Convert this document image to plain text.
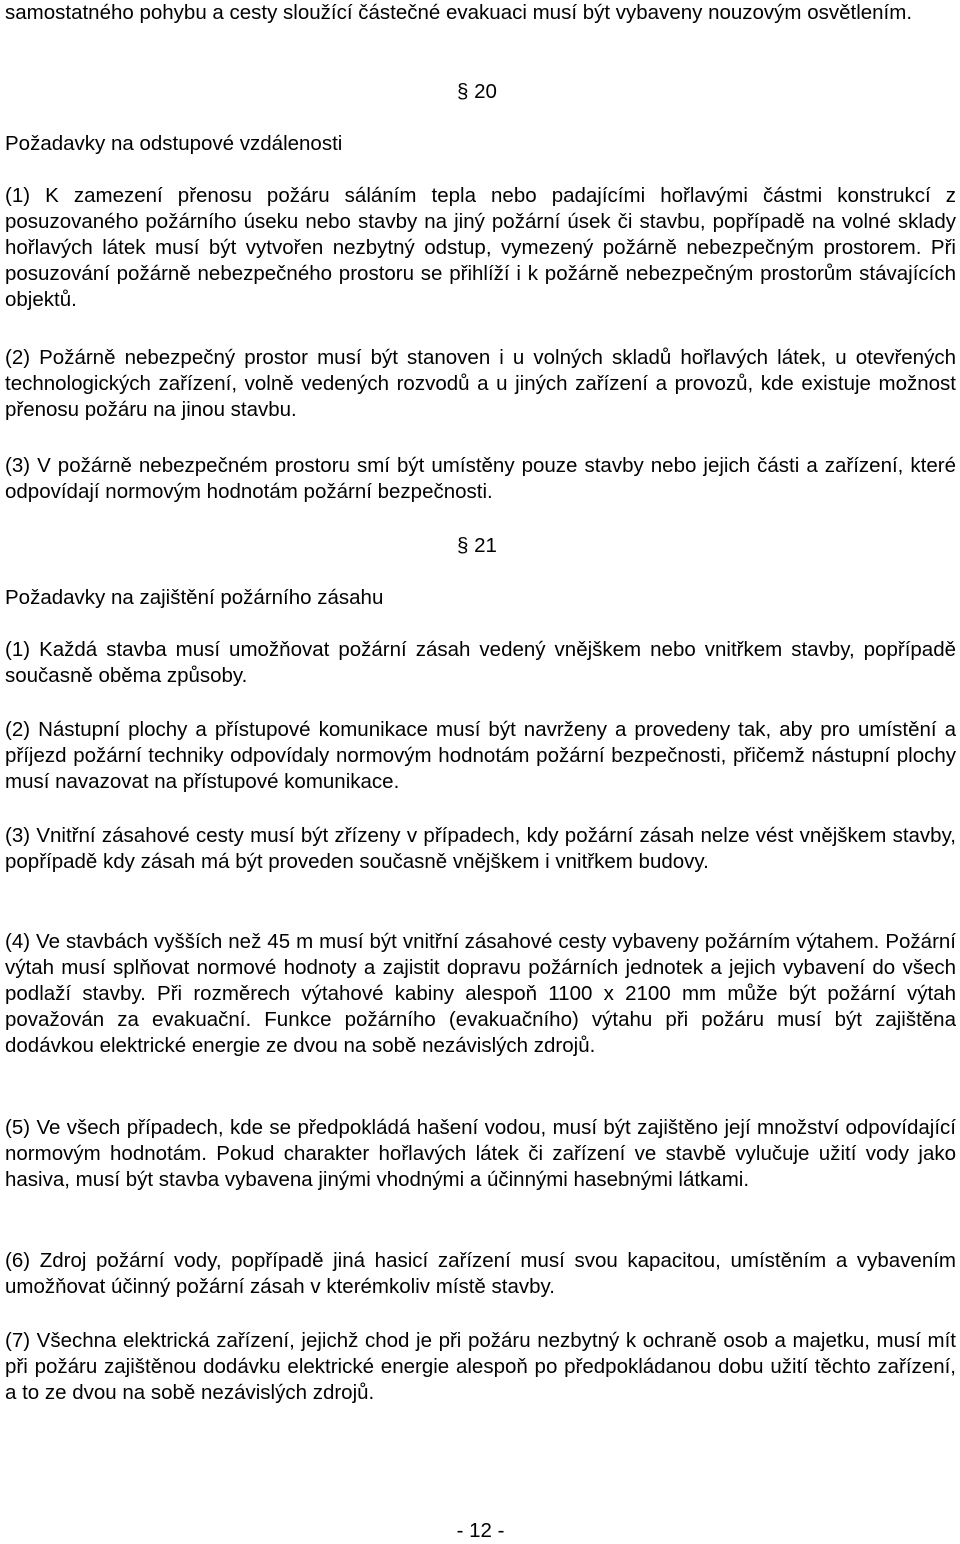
samostatného pohybu a cesty sloužící částečné evakuaci musí být vybaveny nouzovým osvětlením.

§ 20
Požadavky na odstupové vzdálenosti

(1) K zamezení přenosu požáru sáláním tepla nebo padajícími hořlavými částmi konstrukcí z posuzovaného požárního úseku nebo stavby na jiný požární úsek či stavbu, popřípadě na volné sklady hořlavých látek musí být vytvořen nezbytný odstup, vymezený požárně nebezpečným prostorem. Při posuzování požárně nebezpečného prostoru se přihlíží i k požárně nebezpečným prostorům stávajících objektů.

(2) Požárně nebezpečný prostor musí být stanoven i u volných skladů hořlavých látek, u otevřených technologických zařízení, volně vedených rozvodů a u jiných zařízení a provozů, kde existuje možnost přenosu požáru na jinou stavbu.

(3) V požárně nebezpečném prostoru smí být umístěny pouze stavby nebo jejich části a zařízení, které odpovídají normovým hodnotám požární bezpečnosti.

§ 21
Požadavky na zajištění požárního zásahu

(1) Každá stavba musí umožňovat požární zásah vedený vnějškem nebo vnitřkem stavby, popřípadě současně oběma způsoby.

(2) Nástupní plochy a přístupové komunikace musí být navrženy a provedeny tak, aby pro umístění a příjezd požární techniky odpovídaly normovým hodnotám požární bezpečnosti, přičemž nástupní plochy musí navazovat na přístupové komunikace.

(3) Vnitřní zásahové cesty musí být zřízeny v případech, kdy požární zásah nelze vést vnějškem stavby, popřípadě kdy zásah má být proveden současně vnějškem i vnitřkem budovy.

(4) Ve stavbách vyšších než 45 m musí být vnitřní zásahové cesty vybaveny požárním výtahem. Požární výtah musí splňovat normové hodnoty a zajistit dopravu požárních jednotek a jejich vybavení do všech podlaží stavby. Při rozměrech výtahové kabiny alespoň 1100 x 2100 mm může být požární výtah považován za evakuační. Funkce požárního (evakuačního) výtahu při požáru musí být zajištěna dodávkou elektrické energie ze dvou na sobě nezávislých zdrojů.

(5) Ve všech případech, kde se předpokládá hašení vodou, musí být zajištěno její množství odpovídající normovým hodnotám. Pokud charakter hořlavých látek či zařízení ve stavbě vylučuje užití vody jako hasiva, musí být stavba vybavena jinými vhodnými a účinnými hasebnými látkami.

(6) Zdroj požární vody, popřípadě jiná hasicí zařízení musí svou kapacitou, umístěním a vybavením umožňovat účinný požární zásah v kterémkoliv místě stavby.

(7) Všechna elektrická zařízení, jejichž chod je při požáru nezbytný k ochraně osob a majetku, musí mít při požáru zajištěnou dodávku elektrické energie alespoň po předpokládanou dobu užití těchto zařízení, a to ze dvou na sobě nezávislých zdrojů.

- 12 -
